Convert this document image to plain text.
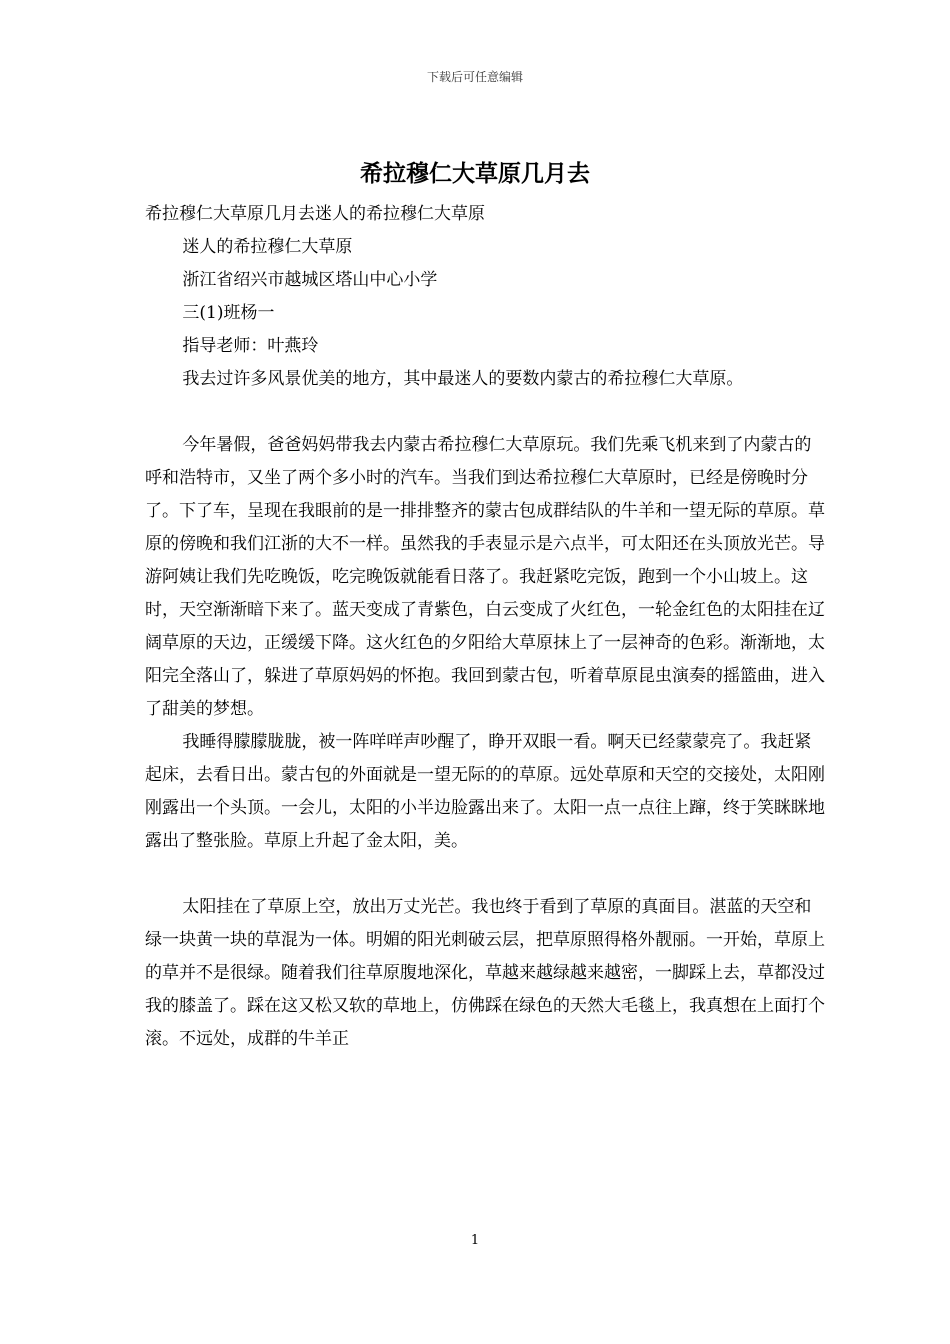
下载后可任意编辑
希拉穆仁大草原几月去

希拉穆仁大草原几月去迷人的希拉穆仁大草原

迷人的希拉穆仁大草原

浙江省绍兴市越城区塔山中心小学

三(1)班杨一

指导老师：叶燕玲

我去过许多风景优美的地方，其中最迷人的要数内蒙古的希拉穆仁大草原。

今年暑假，爸爸妈妈带我去内蒙古希拉穆仁大草原玩。我们先乘飞机来到了内蒙古的呼和浩特市，又坐了两个多小时的汽车。当我们到达希拉穆仁大草原时，已经是傍晚时分了。下了车，呈现在我眼前的是一排排整齐的蒙古包成群结队的牛羊和一望无际的草原。草原的傍晚和我们江浙的大不一样。虽然我的手表显示是六点半，可太阳还在头顶放光芒。导游阿姨让我们先吃晚饭，吃完晚饭就能看日落了。我赶紧吃完饭，跑到一个小山坡上。这时，天空渐渐暗下来了。蓝天变成了青紫色，白云变成了火红色，一轮金红色的太阳挂在辽阔草原的天边，正缓缓下降。这火红色的夕阳给大草原抹上了一层神奇的色彩。渐渐地，太阳完全落山了，躲进了草原妈妈的怀抱。我回到蒙古包，听着草原昆虫演奏的摇篮曲，进入了甜美的梦想。

我睡得朦朦胧胧，被一阵咩咩声吵醒了，睁开双眼一看。啊天已经蒙蒙亮了。我赶紧起床，去看日出。蒙古包的外面就是一望无际的的草原。远处草原和天空的交接处，太阳刚刚露出一个头顶。一会儿，太阳的小半边脸露出来了。太阳一点一点往上蹿，终于笑眯眯地露出了整张脸。草原上升起了金太阳，美。

太阳挂在了草原上空，放出万丈光芒。我也终于看到了草原的真面目。湛蓝的天空和绿一块黄一块的草混为一体。明媚的阳光刺破云层，把草原照得格外靓丽。一开始，草原上的草并不是很绿。随着我们往草原腹地深化，草越来越绿越来越密，一脚踩上去，草都没过我的膝盖了。踩在这又松又软的草地上，仿佛踩在绿色的天然大毛毯上，我真想在上面打个滚。不远处，成群的牛羊正

1
